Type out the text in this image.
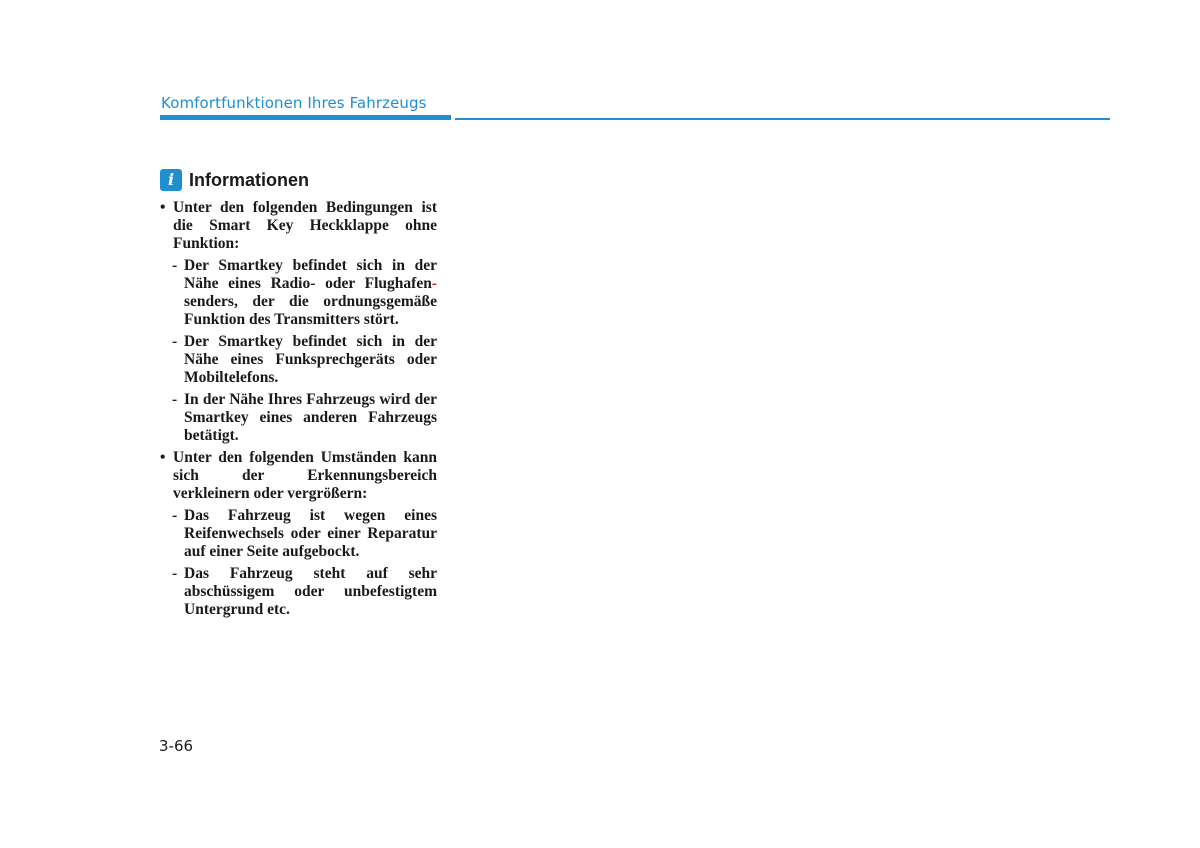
Komfortfunktionen Ihres Fahrzeugs
i Informationen
• Unter den folgenden Bedingungen ist die Smart Key Heckklappe ohne Funktion:
- Der Smartkey befindet sich in der Nähe eines Radio- oder Flughafen- senders, der die ordnungsgemäße Funktion des Transmitters stört.
- Der Smartkey befindet sich in der Nähe eines Funksprechgeräts oder Mobiltelefons.
- In der Nähe Ihres Fahrzeugs wird der Smartkey eines anderen Fahrzeugs betätigt.
• Unter den folgenden Umständen kann sich der Erkennungsbereich verkleinern oder vergrößern:
- Das Fahrzeug ist wegen eines Reifenwechsels oder einer Reparatur auf einer Seite aufgebockt.
- Das Fahrzeug steht auf sehr abschüssigem oder unbefestigtem Untergrund etc.
3-66
